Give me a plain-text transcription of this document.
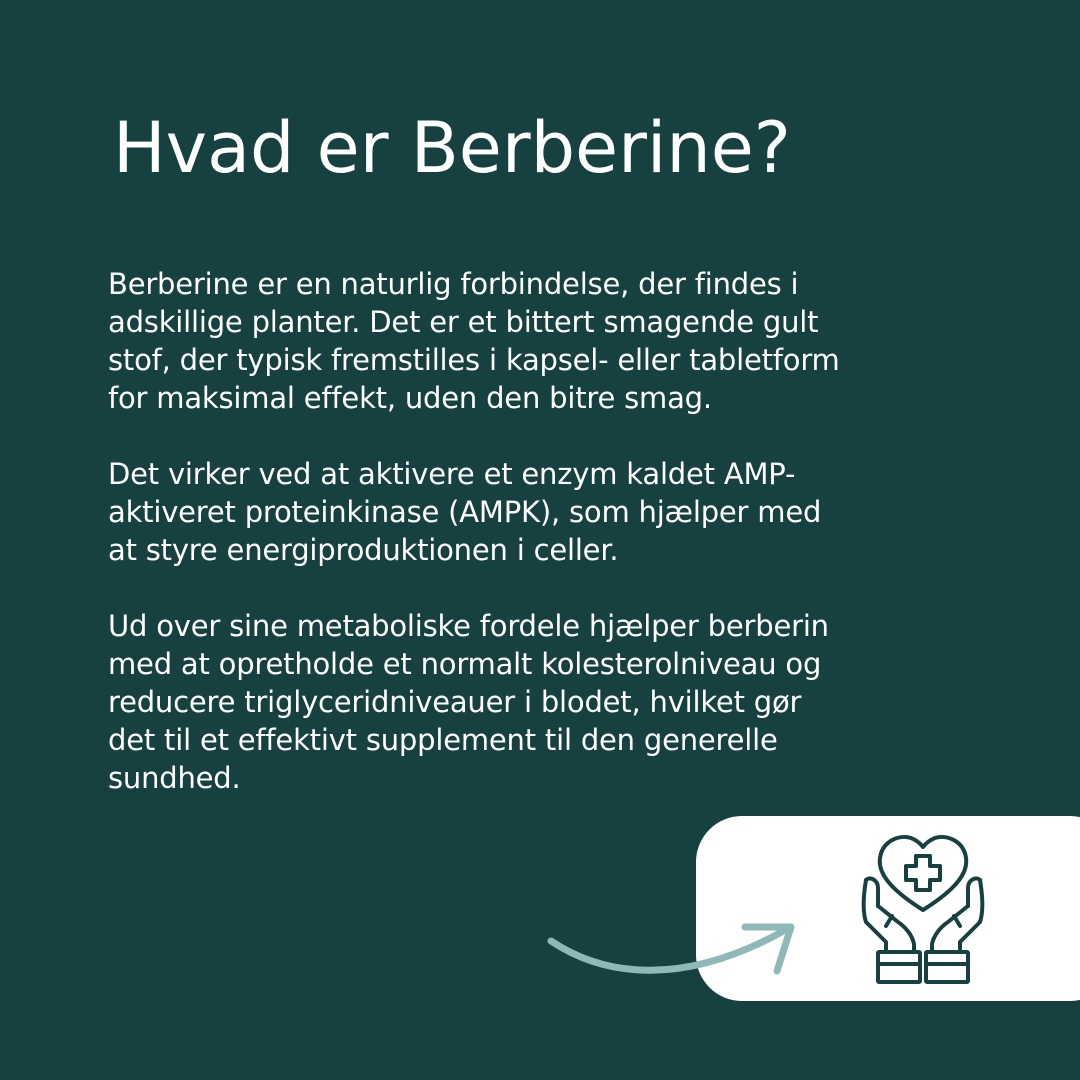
Hvad er Berberine?

Berberine er en naturlig forbindelse, der findes i
adskillige planter. Det er et bittert smagende gult
stof, der typisk fremstilles i kapsel- eller tabletform
for maksimal effekt, uden den bitre smag.

Det virker ved at aktivere et enzym kaldet AMP-
aktiveret proteinkinase (AMPK), som hjælper med
at styre energiproduktionen i celler.

Ud over sine metaboliske fordele hjælper berberin
med at opretholde et normalt kolesterolniveau og
reducere triglyceridniveauer i blodet, hvilket gør
det til et effektivt supplement til den generelle
sundhed.
